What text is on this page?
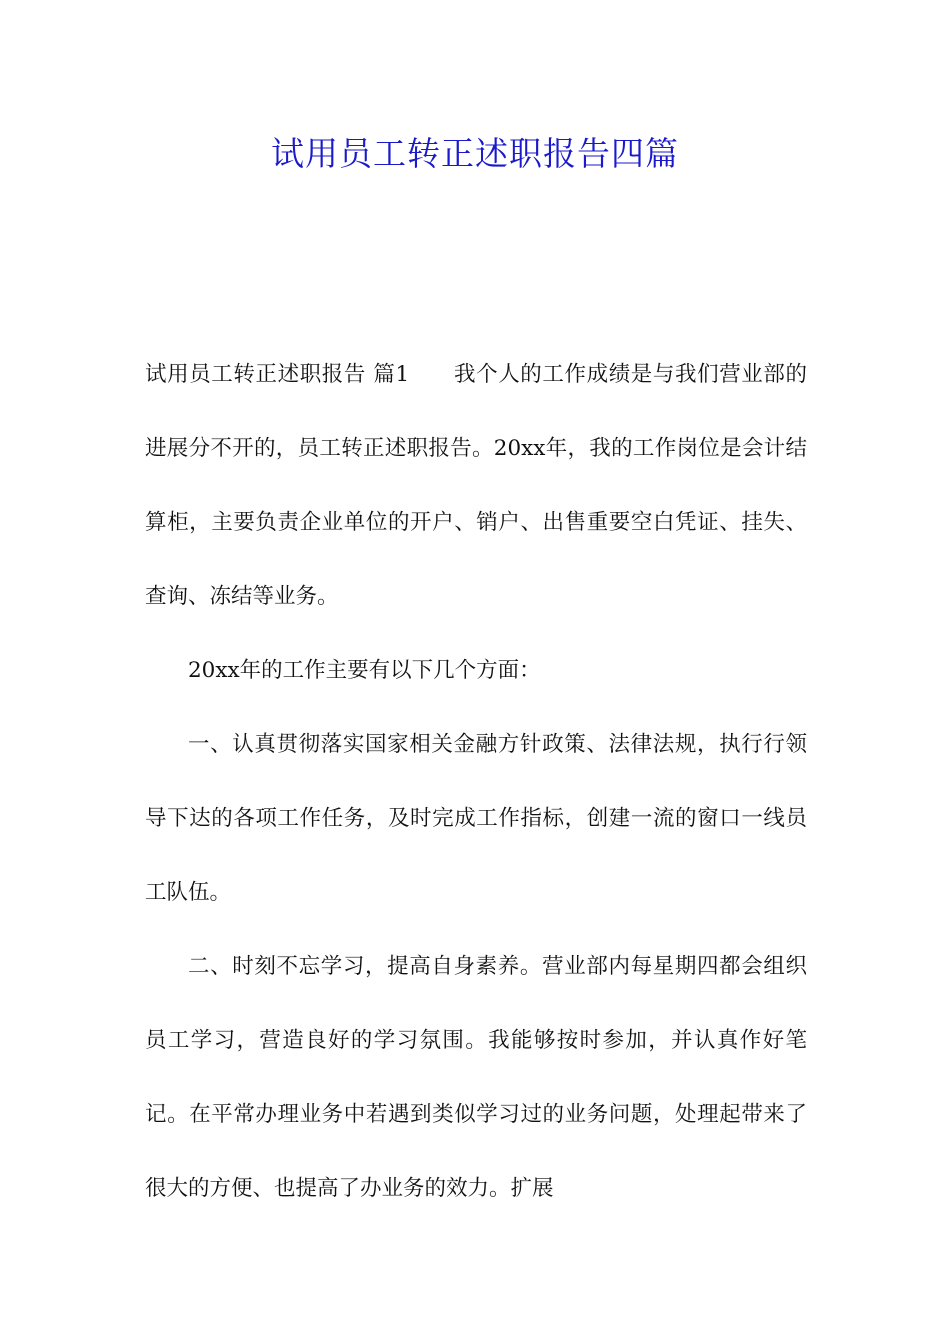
试用员工转正述职报告四篇

试用员工转正述职报告 篇1　　我个人的工作成绩是与我们营业部的进展分不开的，员工转正述职报告。20xx年，我的工作岗位是会计结算柜，主要负责企业单位的开户、销户、出售重要空白凭证、挂失、查询、冻结等业务。

20xx年的工作主要有以下几个方面：

一、认真贯彻落实国家相关金融方针政策、法律法规，执行行领导下达的各项工作任务，及时完成工作指标，创建一流的窗口一线员工队伍。

二、时刻不忘学习，提高自身素养。营业部内每星期四都会组织员工学习，营造良好的学习氛围。我能够按时参加，并认真作好笔记。在平常办理业务中若遇到类似学习过的业务问题，处理起带来了很大的方便、也提高了办业务的效力。扩展
